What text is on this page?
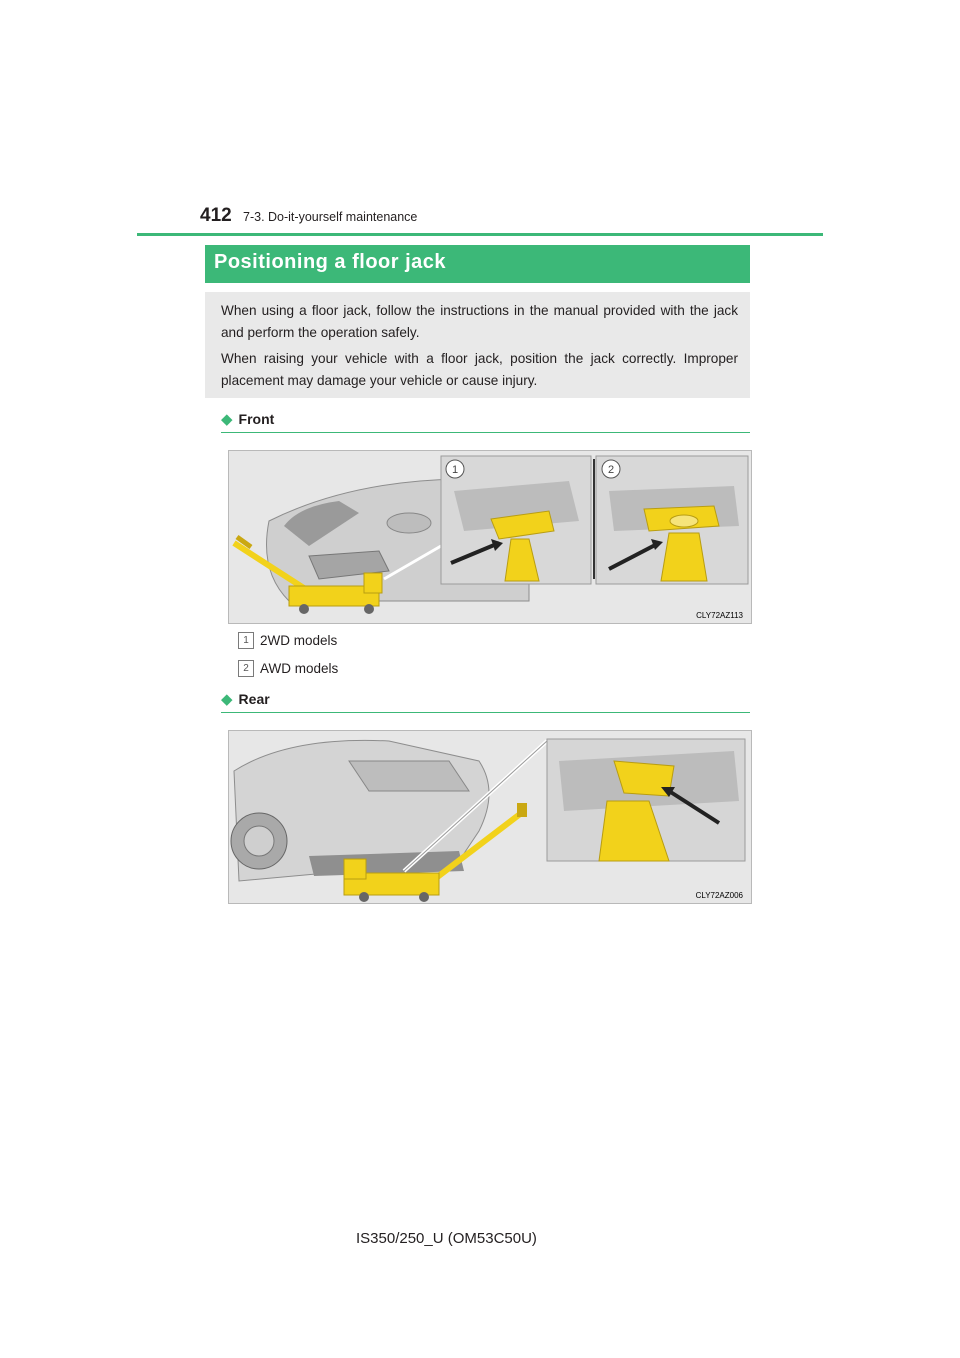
412 7-3. Do-it-yourself maintenance
Positioning a floor jack

When using a floor jack, follow the instructions in the manual provided with the jack and perform the operation safely.

When raising your vehicle with a floor jack, position the jack correctly. Improper placement may damage your vehicle or cause injury.

◆ Front
1	2
CLY72AZ113
1 2WD models
2 AWD models
◆ Rear
CLY72AZ006
IS350/250_U (OM53C50U)
